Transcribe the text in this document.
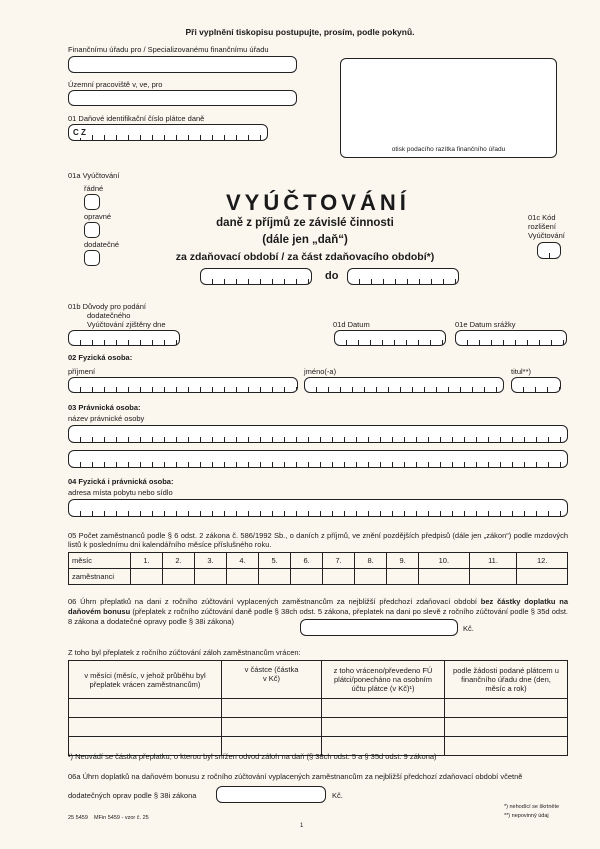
Při vyplnění tiskopisu postupujte, prosím, podle pokynů.
Finančnímu úřadu pro / Specializovanému finančnímu úřadu
Územní pracoviště v, ve, pro
01 Daňové identifikační číslo plátce daně
C Z
otisk podacího razítka finančního úřadu
01a Vyúčtování
řádné
opravné
dodatečné
VYÚČTOVÁNÍ
daně z příjmů ze závislé činnosti
(dále jen „daň“)
za zdaňovací období / za část zdaňovacího období*)
do
01c Kód
rozlišení
Vyúčtování
01b Důvody pro podání
dodatečného
Vyúčtování zjištěny dne	01d Datum	01e Datum srážky
02 Fyzická osoba:
příjmení	jméno(-a)	titul**)
03 Právnická osoba:
název právnické osoby
04 Fyzická i právnická osoba:
adresa místa pobytu nebo sídlo
05 Počet zaměstnanců podle § 6 odst. 2 zákona č. 586/1992 Sb., o daních z příjmů, ve znění pozdějších předpisů (dále jen „zákon“) podle mzdových listů k poslednímu dni kalendářního měsíce příslušného roku.
měsíc	1.	2.	3.	4.	5.	6.	7.	8.	9.	10.	11.	12.
zaměstnanci												
06 Úhrn přeplatků na dani z ročního zúčtování vyplacených zaměstnancům za nejbližší předchozí zdaňovací období bez částky doplatku na daňovém bonusu (přeplatek z ročního zúčtování daně podle § 38ch odst. 5 zákona, přeplatek na dani po slevě z ročního zúčtování podle § 35d odst. 8 zákona a dodatečné opravy podle § 38i zákona)
Kč.
Z toho byl přeplatek z ročního zúčtování záloh zaměstnancům vrácen:
v měsíci (měsíc, v jehož průběhu byl přeplatek vrácen zaměstnancům)	v částce (částka v Kč)	z toho vráceno/převedeno FÚ plátci/ponecháno na osobním účtu plátce (v Kč)¹)	podle žádosti podané plátcem u finančního úřadu dne (den, měsíc a rok)

¹) Neuvádí se částka přeplatku, o kterou byl snížen odvod záloh na daň (§ 38ch odst. 5 a § 35d odst. 9 zákona)
06a Úhrn doplatků na daňovém bonusu z ročního zúčtování vyplacených zaměstnancům za nejbližší předchozí zdaňovací období včetně
dodatečných oprav podle § 38i zákona	Kč.
*) nehodící se škrtněte
**) nepovinný údaj
25 5459    MFin 5459 - vzor č. 25
1
